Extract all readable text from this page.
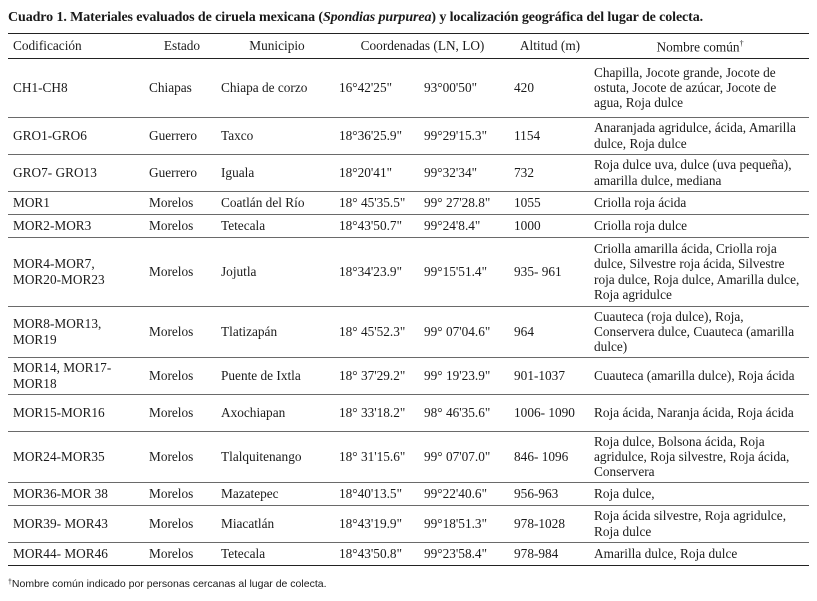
Cuadro 1. Materiales evaluados de ciruela mexicana (Spondias purpurea) y localización geográfica del lugar de colecta.
Codificación	Estado	Municipio	Coordenadas (LN, LO)		Altitud (m)	Nombre común†
CH1-CH8	Chiapas	Chiapa de corzo	16°42'25"	93°00'50"	420	Chapilla, Jocote grande, Jocote de ostuta, Jocote de azúcar, Jocote de agua, Roja dulce
GRO1-GRO6	Guerrero	Taxco	18°36'25.9"	99°29'15.3"	1154	Anaranjada agridulce, ácida, Amarilla dulce, Roja dulce
GRO7- GRO13	Guerrero	Iguala	18°20'41"	99°32'34"	732	Roja dulce uva, dulce (uva pequeña), amarilla dulce, mediana
MOR1	Morelos	Coatlán del Río	18° 45'35.5"	99° 27'28.8"	1055	Criolla roja ácida
MOR2-MOR3	Morelos	Tetecala	18°43'50.7"	99°24'8.4"	1000	Criolla roja dulce
MOR4-MOR7, MOR20-MOR23	Morelos	Jojutla	18°34'23.9"	99°15'51.4"	935- 961	Criolla amarilla ácida, Criolla roja dulce, Silvestre roja ácida, Silvestre roja dulce, Roja dulce, Amarilla dulce, Roja agridulce
MOR8-MOR13, MOR19	Morelos	Tlatizapán	18° 45'52.3"	99° 07'04.6"	964	Cuauteca (roja dulce), Roja, Conservera dulce, Cuauteca (amarilla dulce)
MOR14, MOR17- MOR18	Morelos	Puente de Ixtla	18° 37'29.2"	99° 19'23.9"	901-1037	Cuauteca (amarilla dulce), Roja ácida
MOR15-MOR16	Morelos	Axochiapan	18° 33'18.2"	98° 46'35.6"	1006- 1090	Roja ácida, Naranja ácida, Roja ácida
MOR24-MOR35	Morelos	Tlalquitenango	18° 31'15.6"	99° 07'07.0"	846- 1096	Roja dulce, Bolsona ácida, Roja agridulce, Roja silvestre, Roja ácida, Conservera
MOR36-MOR 38	Morelos	Mazatepec	18°40'13.5"	99°22'40.6"	956-963	Roja dulce,
MOR39- MOR43	Morelos	Miacatlán	18°43'19.9"	99°18'51.3"	978-1028	Roja ácida silvestre, Roja agridulce, Roja dulce
MOR44- MOR46	Morelos	Tetecala	18°43'50.8"	99°23'58.4"	978-984	Amarilla dulce, Roja dulce
†Nombre común indicado por personas cercanas al lugar de colecta.
